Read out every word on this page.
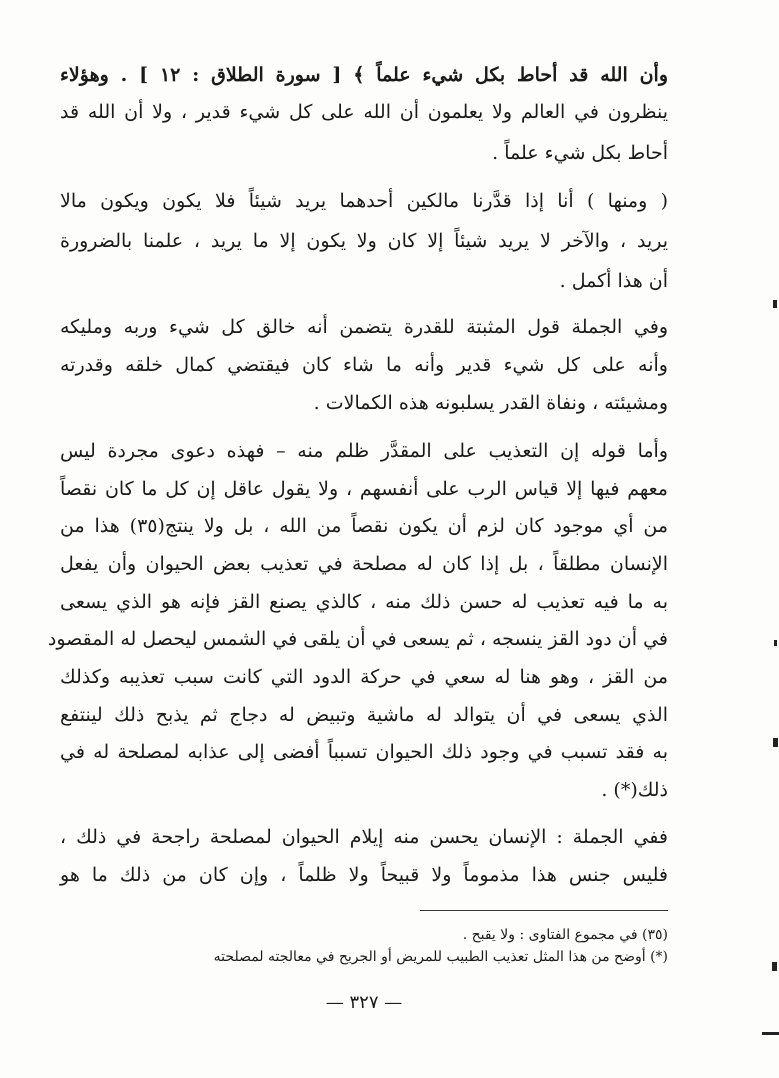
وأن الله قد أحاط بكل شيء علماً ﴾ [ سورة الطلاق : ١٢ ] . وهؤلاء
ينظرون في العالم ولا يعلمون أن الله على كل شيء قدير ، ولا أن الله قد
أحاط بكل شيء علماً .
( ومنها ) أنا إذا قدَّرنا مالكين أحدهما يريد شيئاً فلا يكون ويكون مالا
يريد ، والآخر لا يريد شيئاً إلا كان ولا يكون إلا ما يريد ، علمنا بالضرورة
أن هذا أكمل .
وفي الجملة قول المثبتة للقدرة يتضمن أنه خالق كل شيء وربه ومليكه
وأنه على كل شيء قدير وأنه ما شاء كان فيقتضي كمال خلقه وقدرته
ومشيئته ، ونفاة القدر يسلبونه هذه الكمالات .
وأما قوله إن التعذيب على المقدَّر ظلم منه – فهذه دعوى مجردة ليس
معهم فيها إلا قياس الرب على أنفسهم ، ولا يقول عاقل إن كل ما كان نقصاً
من أي موجود كان لزم أن يكون نقصاً من الله ، بل ولا ينتج(٣٥) هذا من
الإنسان مطلقاً ، بل إذا كان له مصلحة في تعذيب بعض الحيوان وأن يفعل
به ما فيه تعذيب له حسن ذلك منه ، كالذي يصنع القز فإنه هو الذي يسعى
في أن دود القز ينسجه ، ثم يسعى في أن يلقى في الشمس ليحصل له المقصود
من القز ، وهو هنا له سعي في حركة الدود التي كانت سبب تعذيبه وكذلك
الذي يسعى في أن يتوالد له ماشية وتبيض له دجاج ثم يذبح ذلك لينتفع
به فقد تسبب في وجود ذلك الحيوان تسبباً أفضى إلى عذابه لمصلحة له في
ذلك(*) .
ففي الجملة : الإنسان يحسن منه إيلام الحيوان لمصلحة راجحة في ذلك ،
فليس جنس هذا مذموماً ولا قبيحاً ولا ظلماً ، وإن كان من ذلك ما هو
(٣٥) في مجموع الفتاوى : ولا يقبح .
(*) أوضح من هذا المثل تعذيب الطبيب للمريض أو الجريح في معالجته لمصلحته
— ٣٢٧ —
